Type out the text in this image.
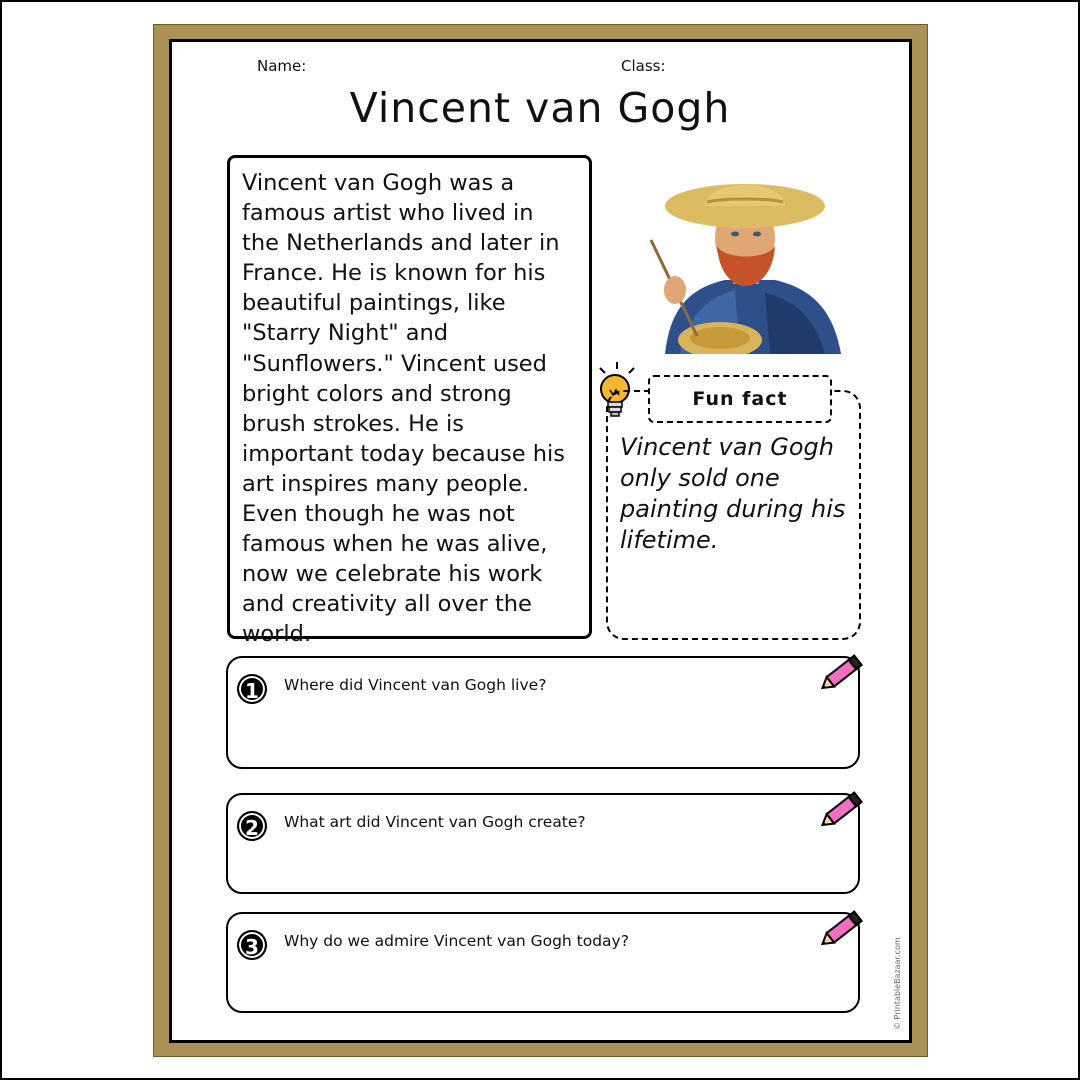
Name:	Class:
Vincent van Gogh
Vincent van Gogh was a famous artist who lived in the Netherlands and later in France. He is known for his beautiful paintings, like "Starry Night" and "Sunflowers." Vincent used bright colors and strong brush strokes. He is important today because his art inspires many people. Even though he was not famous when he was alive, now we celebrate his work and creativity all over the world.
Fun fact
Vincent van Gogh only sold one painting during his lifetime.
1	Where did Vincent van Gogh live?
2	What art did Vincent van Gogh create?
3	Why do we admire Vincent van Gogh today?	© PrintableBazaar.com
